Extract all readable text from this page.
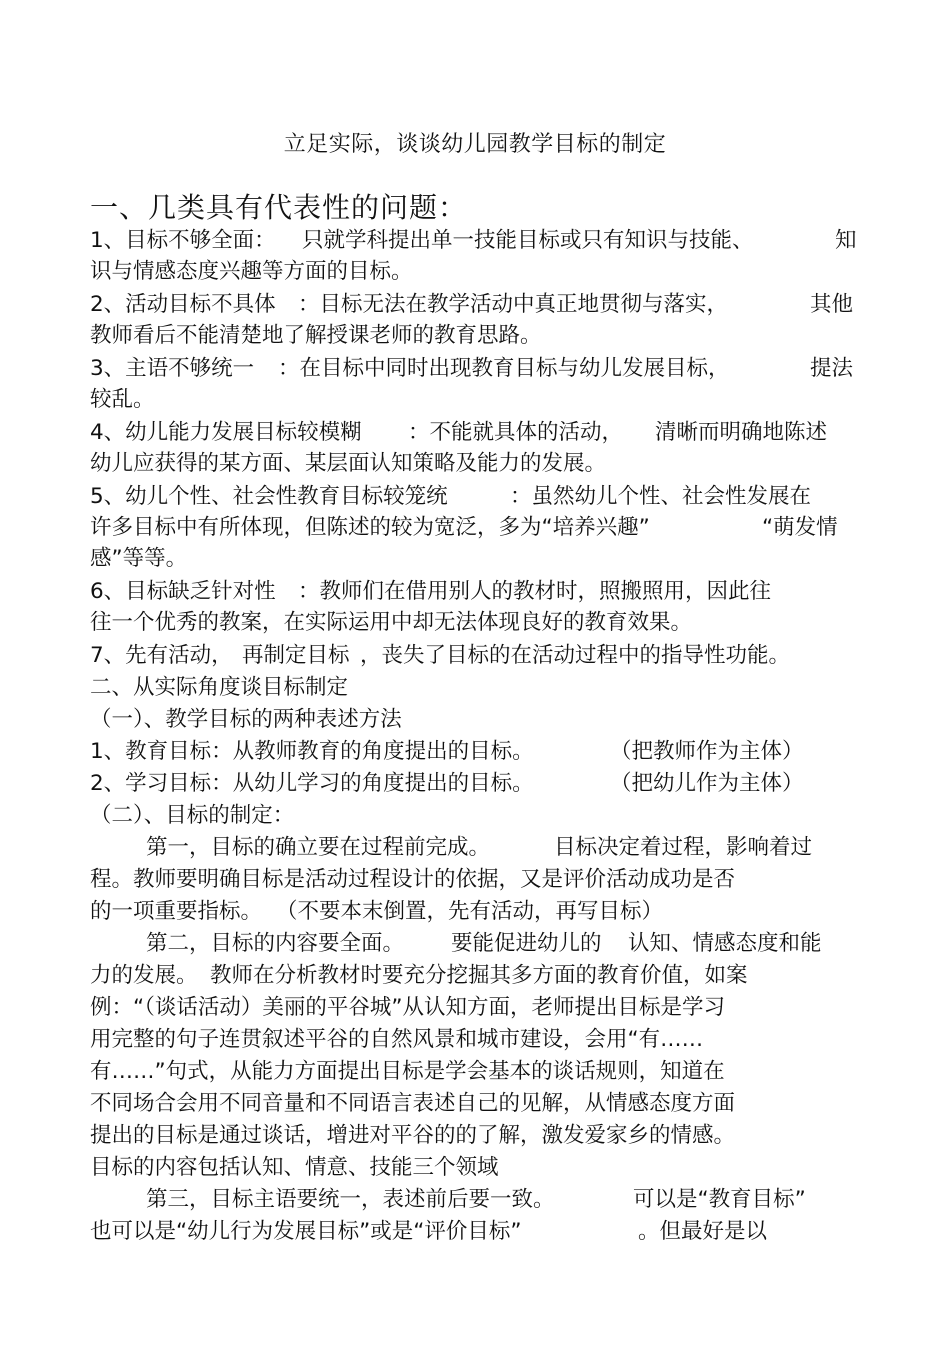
立足实际，谈谈幼儿园教学目标的制定
一、几类具有代表性的问题：
1、目标不够全面： 只就学科提出单一技能目标或只有知识与技能、	知
识与情感态度兴趣等方面的目标。
2、活动目标不具体 ：目标无法在教学活动中真正地贯彻与落实，	其他
教师看后不能清楚地了解授课老师的教育思路。
3、主语不够统一 ：在目标中同时出现教育目标与幼儿发展目标，	提法
较乱。
4、幼儿能力发展目标较模糊 ：不能就具体的活动， 清晰而明确地陈述
幼儿应获得的某方面、某层面认知策略及能力的发展。
5、幼儿个性、社会性教育目标较笼统	：虽然幼儿个性、社会性发展在
许多目标中有所体现，但陈述的较为宽泛，多为“培养兴趣”	“萌发情
感”等等。
6、目标缺乏针对性 ：教师们在借用别人的教材时，照搬照用，因此往
往一个优秀的教案，在实际运用中却无法体现良好的教育效果。
7、先有活动， 再制定目标 ，丧失了目标的在活动过程中的指导性功能。
二、从实际角度谈目标制定
（一）、教学目标的两种表述方法
1、教育目标：从教师教育的角度提出的目标。	（把教师作为主体）
2、学习目标：从幼儿学习的角度提出的目标。	（把幼儿作为主体）
（二）、目标的制定：
第一，目标的确立要在过程前完成。	目标决定着过程，影响着过
程。教师要明确目标是活动过程设计的依据，又是评价活动成功是否
的一项重要指标。 （不要本末倒置，先有活动，再写目标）
第二，目标的内容要全面。 要能促进幼儿的 认知、情感态度和能
力的发展。 教师在分析教材时要充分挖掘其多方面的教育价值，如案
例：“（谈话活动）美丽的平谷城”从认知方面，老师提出目标是学习
用完整的句子连贯叙述平谷的自然风景和城市建设，会用“有……
有……”句式，从能力方面提出目标是学会基本的谈话规则，知道在
不同场合会用不同音量和不同语言表述自己的见解，从情感态度方面
提出的目标是通过谈话，增进对平谷的的了解，激发爱家乡的情感。
目标的内容包括认知、情意、技能三个领域
第三，目标主语要统一，表述前后要一致。	可以是“教育目标”
也可以是“幼儿行为发展目标”或是“评价目标”	。但最好是以
